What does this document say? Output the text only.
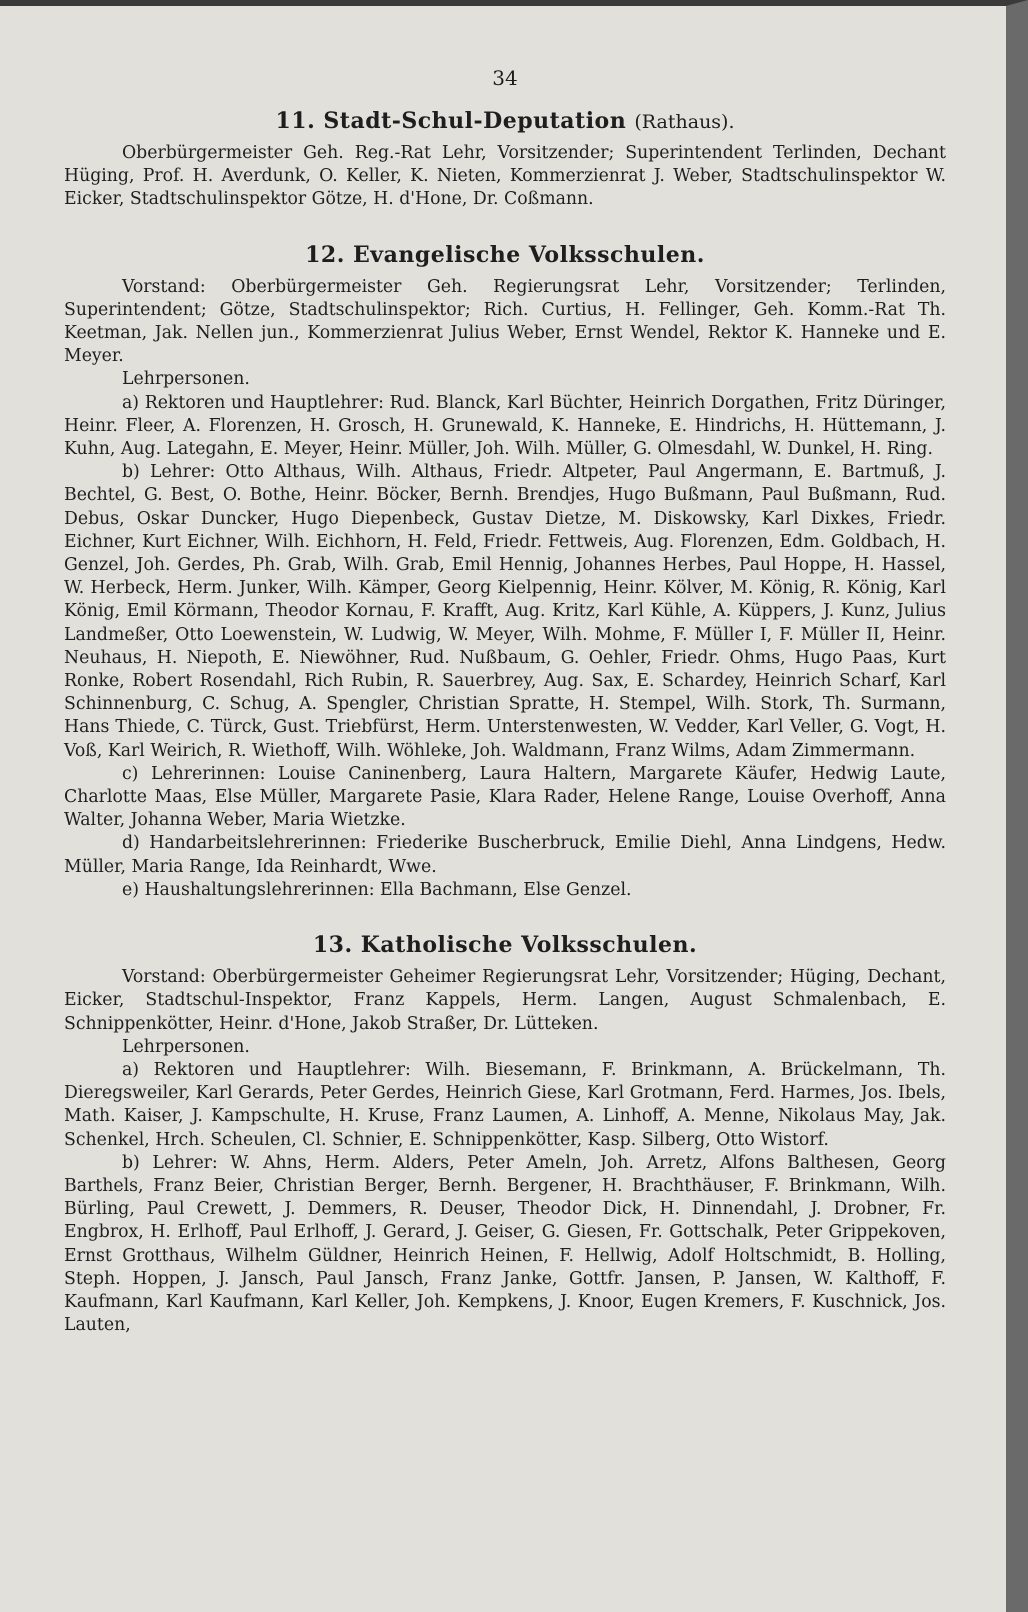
34
11. Stadt-Schul-Deputation (Rathaus).

Oberbürgermeister Geh. Reg.-Rat Lehr, Vorsitzender; Superintendent Terlinden, Dechant Hüging, Prof. H. Averdunk, O. Keller, K. Nieten, Kommerzienrat J. Weber, Stadtschulinspektor W. Eicker, Stadtschulinspektor Götze, H. d'Hone, Dr. Coßmann.

12. Evangelische Volksschulen.

Vorstand: Oberbürgermeister Geh. Regierungsrat Lehr, Vorsitzender; Terlinden, Superintendent; Götze, Stadtschulinspektor; Rich. Curtius, H. Fellinger, Geh. Komm.-Rat Th. Keetman, Jak. Nellen jun., Kommerzienrat Julius Weber, Ernst Wendel, Rektor K. Hanneke und E. Meyer.

Lehrpersonen.

a) Rektoren und Hauptlehrer: Rud. Blanck, Karl Büchter, Heinrich Dorgathen, Fritz Düringer, Heinr. Fleer, A. Florenzen, H. Grosch, H. Grunewald, K. Hanneke, E. Hindrichs, H. Hüttemann, J. Kuhn, Aug. Lategahn, E. Meyer, Heinr. Müller, Joh. Wilh. Müller, G. Olmesdahl, W. Dunkel, H. Ring.

b) Lehrer: Otto Althaus, Wilh. Althaus, Friedr. Altpeter, Paul Angermann, E. Bartmuß, J. Bechtel, G. Best, O. Bothe, Heinr. Böcker, Bernh. Brendjes, Hugo Bußmann, Paul Bußmann, Rud. Debus, Oskar Duncker, Hugo Diepenbeck, Gustav Dietze, M. Diskowsky, Karl Dixkes, Friedr. Eichner, Kurt Eichner, Wilh. Eichhorn, H. Feld, Friedr. Fettweis, Aug. Florenzen, Edm. Goldbach, H. Genzel, Joh. Gerdes, Ph. Grab, Wilh. Grab, Emil Hennig, Johannes Herbes, Paul Hoppe, H. Hassel, W. Herbeck, Herm. Junker, Wilh. Kämper, Georg Kielpennig, Heinr. Kölver, M. König, R. König, Karl König, Emil Körmann, Theodor Kornau, F. Krafft, Aug. Kritz, Karl Kühle, A. Küppers, J. Kunz, Julius Landmeßer, Otto Loewenstein, W. Ludwig, W. Meyer, Wilh. Mohme, F. Müller I, F. Müller II, Heinr. Neuhaus, H. Niepoth, E. Niewöhner, Rud. Nußbaum, G. Oehler, Friedr. Ohms, Hugo Paas, Kurt Ronke, Robert Rosendahl, Rich Rubin, R. Sauerbrey, Aug. Sax, E. Schardey, Heinrich Scharf, Karl Schinnenburg, C. Schug, A. Spengler, Christian Spratte, H. Stempel, Wilh. Stork, Th. Surmann, Hans Thiede, C. Türck, Gust. Triebfürst, Herm. Unterstenwesten, W. Vedder, Karl Veller, G. Vogt, H. Voß, Karl Weirich, R. Wiethoff, Wilh. Wöhleke, Joh. Waldmann, Franz Wilms, Adam Zimmermann.

c) Lehrerinnen: Louise Caninenberg, Laura Haltern, Margarete Käufer, Hedwig Laute, Charlotte Maas, Else Müller, Margarete Pasie, Klara Rader, Helene Range, Louise Overhoff, Anna Walter, Johanna Weber, Maria Wietzke.

d) Handarbeitslehrerinnen: Friederike Buscherbruck, Emilie Diehl, Anna Lindgens, Hedw. Müller, Maria Range, Ida Reinhardt, Wwe.

e) Haushaltungslehrerinnen: Ella Bachmann, Else Genzel.

13. Katholische Volksschulen.

Vorstand: Oberbürgermeister Geheimer Regierungsrat Lehr, Vorsitzender; Hüging, Dechant, Eicker, Stadtschul-Inspektor, Franz Kappels, Herm. Langen, August Schmalenbach, E. Schnippenkötter, Heinr. d'Hone, Jakob Straßer, Dr. Lütteken.

Lehrpersonen.

a) Rektoren und Hauptlehrer: Wilh. Biesemann, F. Brinkmann, A. Brückelmann, Th. Dieregsweiler, Karl Gerards, Peter Gerdes, Heinrich Giese, Karl Grotmann, Ferd. Harmes, Jos. Ibels, Math. Kaiser, J. Kampschulte, H. Kruse, Franz Laumen, A. Linhoff, A. Menne, Nikolaus May, Jak. Schenkel, Hrch. Scheulen, Cl. Schnier, E. Schnippenkötter, Kasp. Silberg, Otto Wistorf.

b) Lehrer: W. Ahns, Herm. Alders, Peter Ameln, Joh. Arretz, Alfons Balthesen, Georg Barthels, Franz Beier, Christian Berger, Bernh. Bergener, H. Brachthäuser, F. Brinkmann, Wilh. Bürling, Paul Crewett, J. Demmers, R. Deuser, Theodor Dick, H. Dinnendahl, J. Drobner, Fr. Engbrox, H. Erlhoff, Paul Erlhoff, J. Gerard, J. Geiser, G. Giesen, Fr. Gottschalk, Peter Grippekoven, Ernst Grotthaus, Wilhelm Güldner, Heinrich Heinen, F. Hellwig, Adolf Holtschmidt, B. Holling, Steph. Hoppen, J. Jansch, Paul Jansch, Franz Janke, Gottfr. Jansen, P. Jansen, W. Kalthoff, F. Kaufmann, Karl Kaufmann, Karl Keller, Joh. Kempkens, J. Knoor, Eugen Kremers, F. Kuschnick, Jos. Lauten,
